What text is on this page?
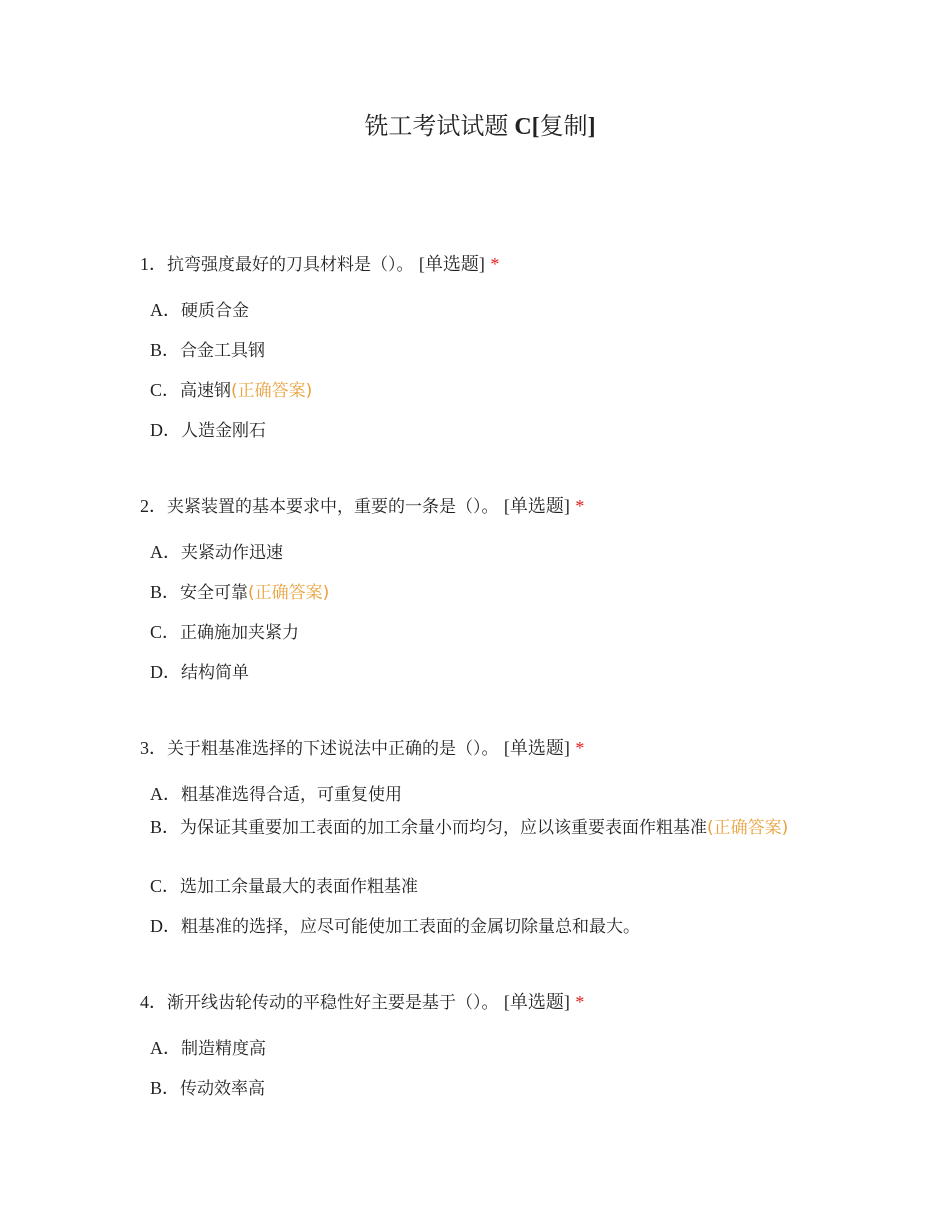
铣工考试试题 C[复制]
1．抗弯强度最好的刀具材料是（）。 [单选题] *
A．硬质合金
B．合金工具钢
C．高速钢(正确答案)
D．人造金刚石
2．夹紧装置的基本要求中，重要的一条是（）。 [单选题] *
A．夹紧动作迅速
B．安全可靠(正确答案)
C．正确施加夹紧力
D．结构简单
3．关于粗基准选择的下述说法中正确的是（）。 [单选题] *
A．粗基准选得合适，可重复使用
B．为保证其重要加工表面的加工余量小而均匀，应以该重要表面作粗基准(正确答案)
C．选加工余量最大的表面作粗基准
D．粗基准的选择，应尽可能使加工表面的金属切除量总和最大。
4．渐开线齿轮传动的平稳性好主要是基于（）。 [单选题] *
A．制造精度高
B．传动效率高
